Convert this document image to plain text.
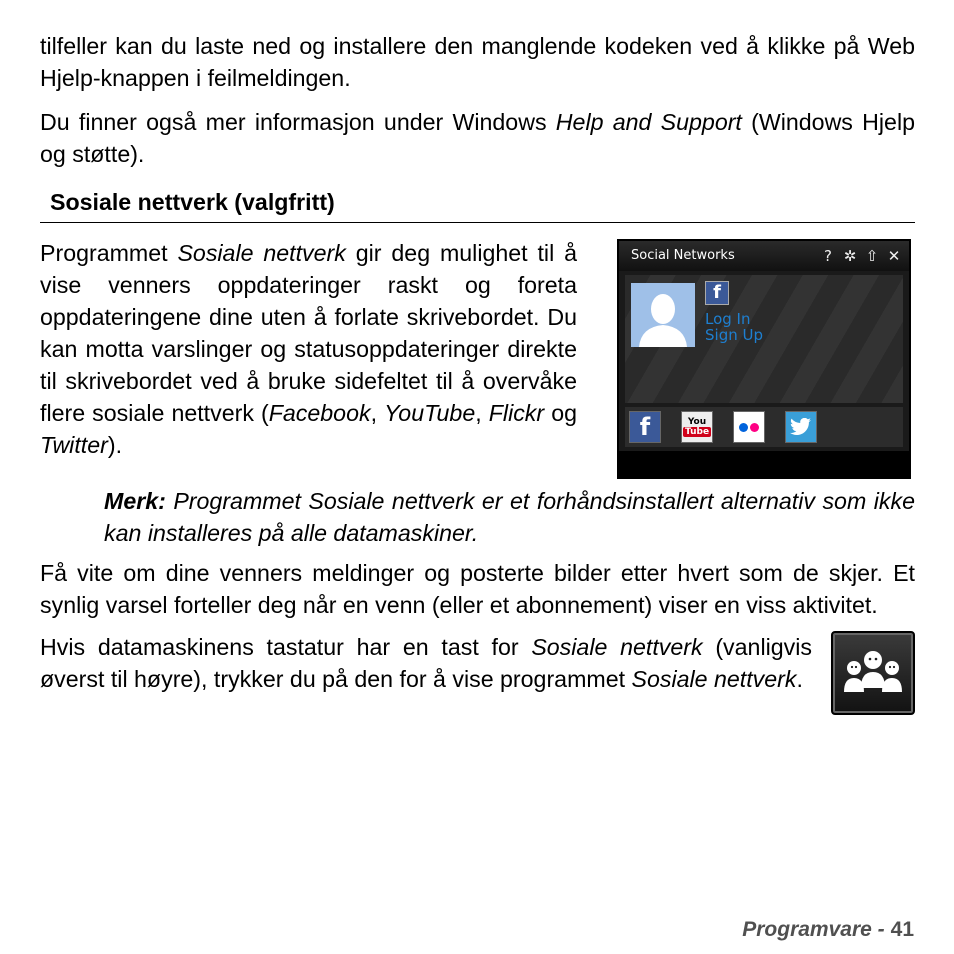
tilfeller kan du laste ned og installere den manglende kodeken ved å klikke på Web Hjelp-knappen i feilmeldingen.

Du finner også mer informasjon under Windows Help and Support (Windows Hjelp og støtte).

Sosiale nettverk (valgfritt)

Programmet Sosiale nettverk gir deg mulighet til å vise venners oppdateringer raskt og foreta oppdateringene dine uten å forlate skrivebordet. Du kan motta varslinger og statusoppdateringer direkte til skrivebordet ved å bruke sidefeltet til å overvåke flere sosiale nettverk (Facebook, YouTube, Flickr og Twitter).

Social Networks	? ✲ ⇧ ✕
f
Log In
Sign Up
f	You
Tube

Merk: Programmet Sosiale nettverk er et forhåndsinstallert alternativ som ikke kan installeres på alle datamaskiner.

Få vite om dine venners meldinger og posterte bilder etter hvert som de skjer. Et synlig varsel forteller deg når en venn (eller et abonnement) viser en viss aktivitet.

Hvis datamaskinens tastatur har en tast for Sosiale nettverk (vanligvis øverst til høyre), trykker du på den for å vise programmet Sosiale nettverk.

Programvare - 41
